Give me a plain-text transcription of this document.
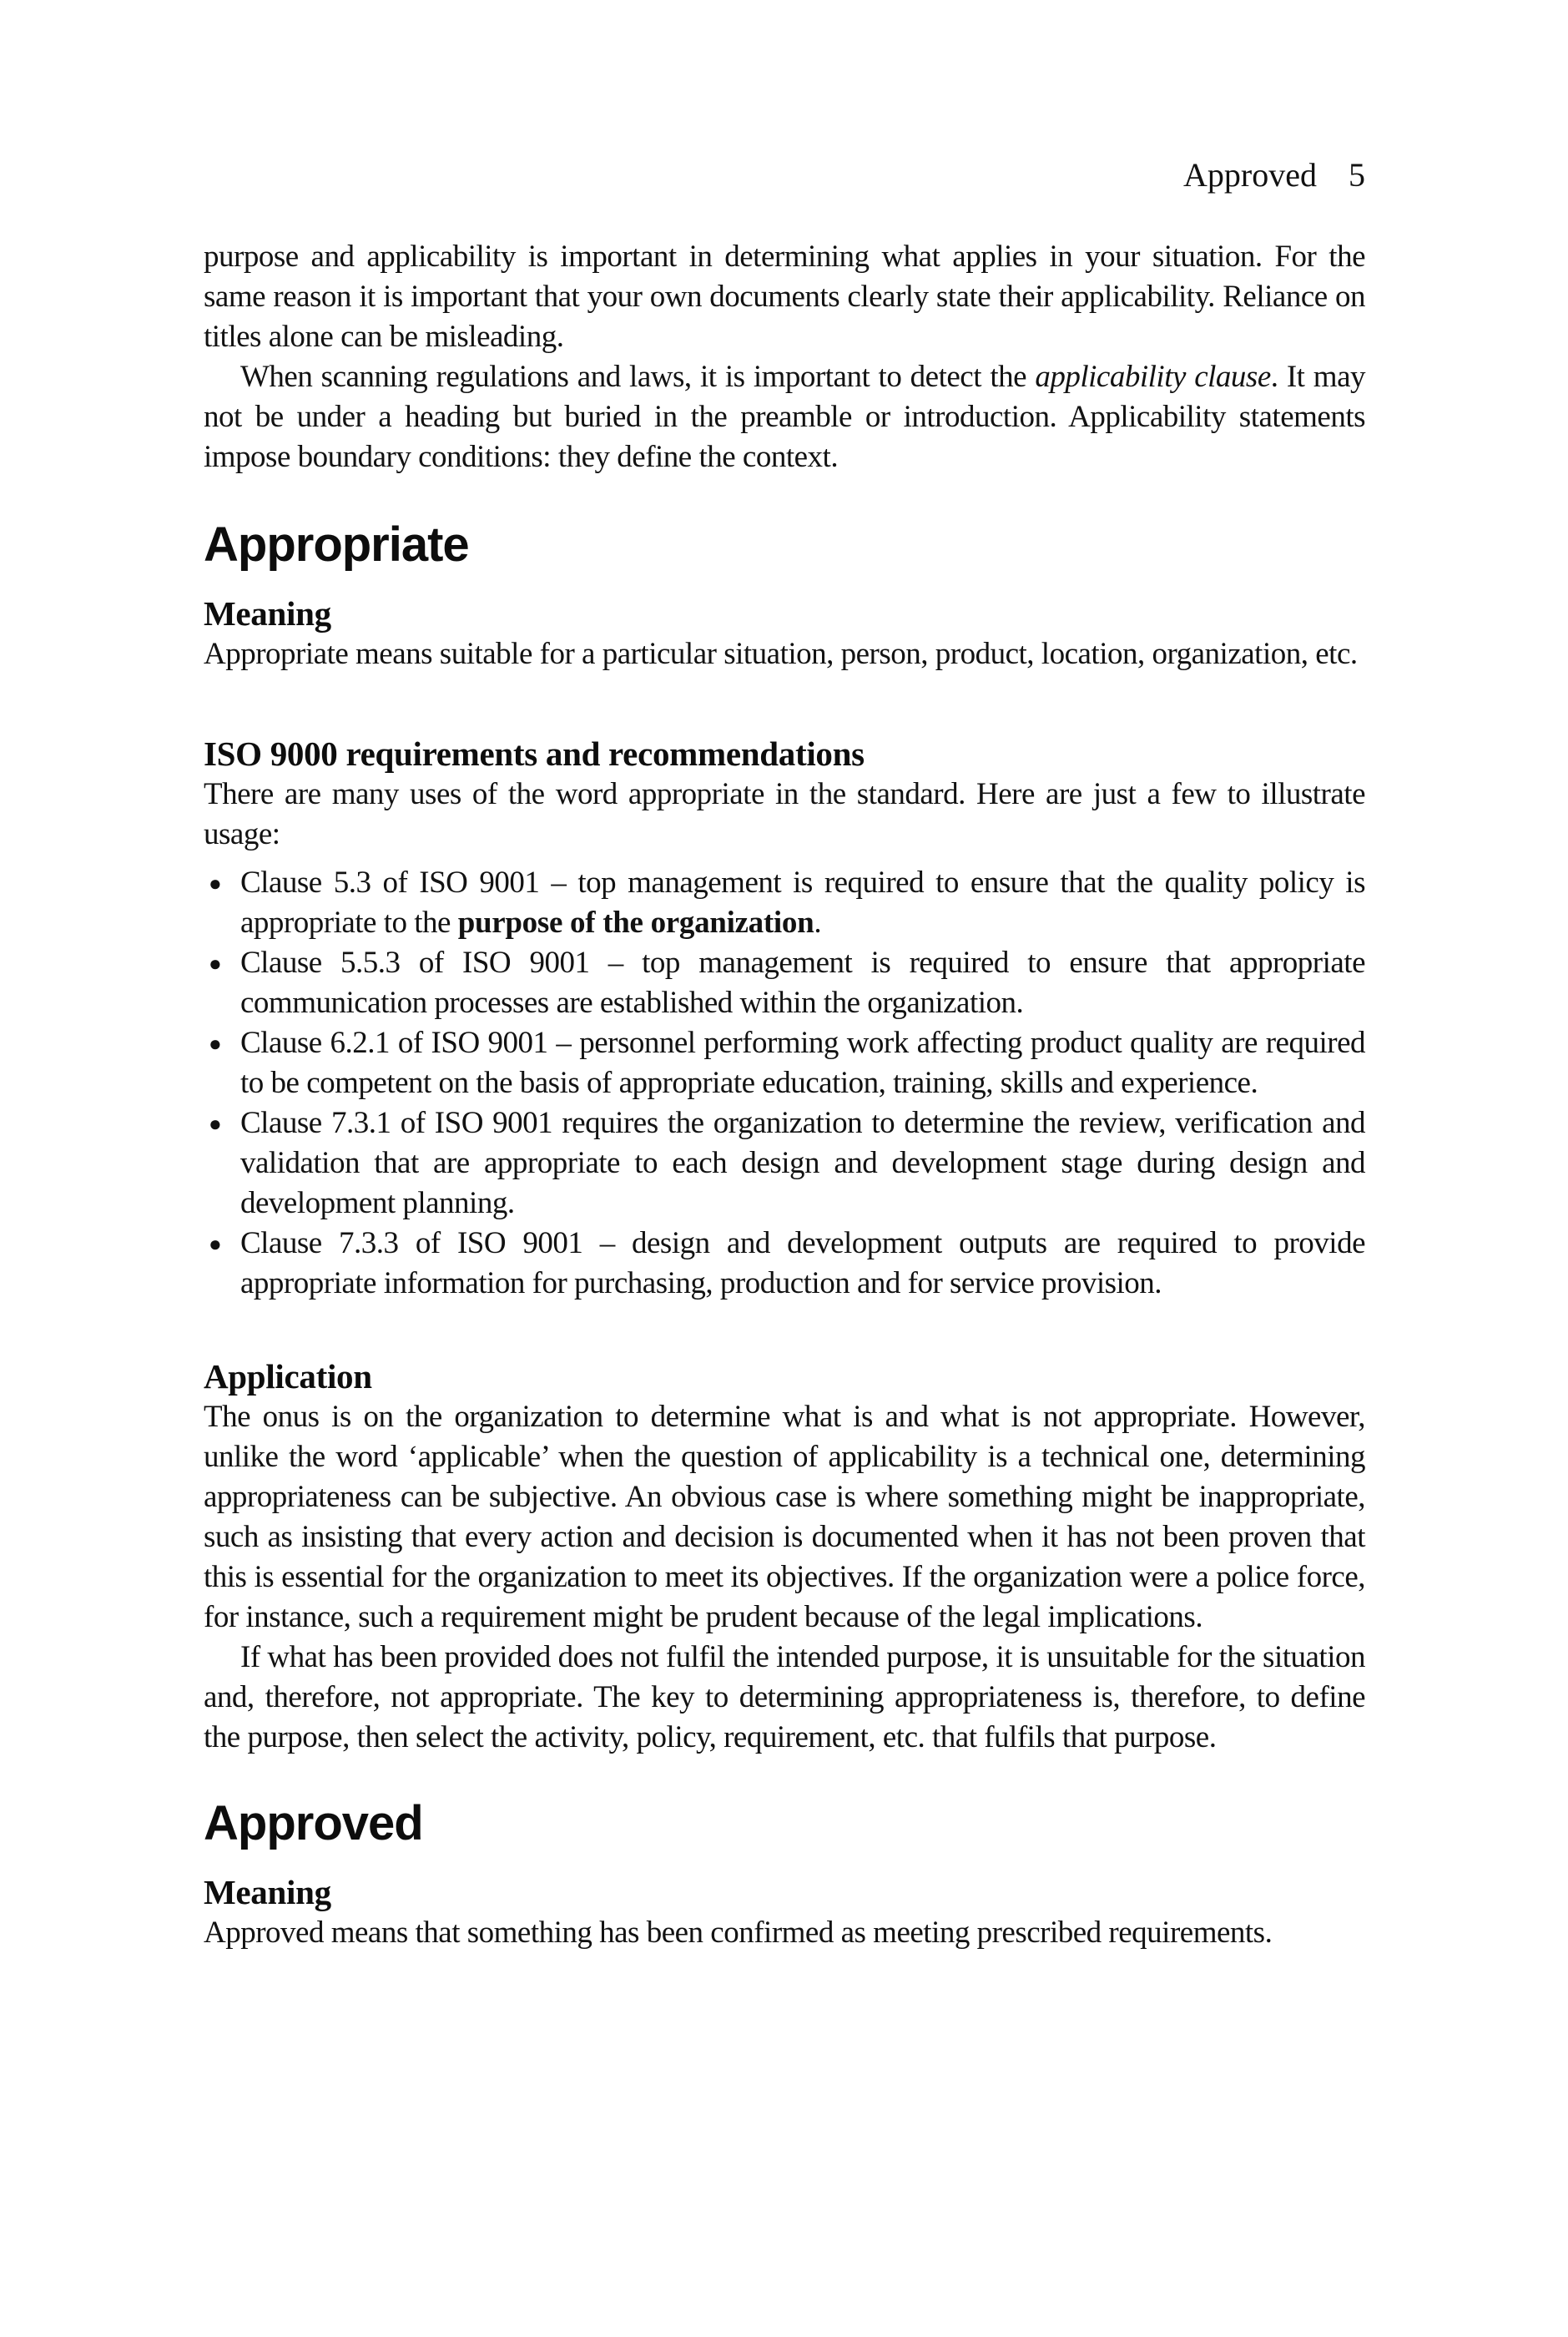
Approved 5

purpose and applicability is important in determining what applies in your situation. For the same reason it is important that your own documents clearly state their applicability. Reliance on titles alone can be misleading.

When scanning regulations and laws, it is important to detect the applicability clause. It may not be under a heading but buried in the preamble or introduction. Applicability statements impose boundary conditions: they define the context.

Appropriate
Meaning

Appropriate means suitable for a particular situation, person, product, location, organization, etc.

ISO 9000 requirements and recommendations

There are many uses of the word appropriate in the standard. Here are just a few to illustrate usage:

● Clause 5.3 of ISO 9001 – top management is required to ensure that the quality policy is appropriate to the purpose of the organization.
● Clause 5.5.3 of ISO 9001 – top management is required to ensure that appropriate communication processes are established within the organization.
● Clause 6.2.1 of ISO 9001 – personnel performing work affecting product quality are required to be competent on the basis of appropriate education, training, skills and experience.
● Clause 7.3.1 of ISO 9001 requires the organization to determine the review, verification and validation that are appropriate to each design and development stage during design and development planning.
● Clause 7.3.3 of ISO 9001 – design and development outputs are required to provide appropriate information for purchasing, production and for service provision.
Application

The onus is on the organization to determine what is and what is not appropriate. However, unlike the word ‘applicable’ when the question of applicability is a technical one, determining appropriateness can be subjective. An obvious case is where something might be inappropriate, such as insisting that every action and decision is documented when it has not been proven that this is essential for the organization to meet its objectives. If the organization were a police force, for instance, such a requirement might be prudent because of the legal implications.

If what has been provided does not fulfil the intended purpose, it is unsuitable for the situation and, therefore, not appropriate. The key to determining appropriateness is, therefore, to define the purpose, then select the activity, policy, requirement, etc. that fulfils that purpose.

Approved
Meaning

Approved means that something has been confirmed as meeting prescribed requirements.
